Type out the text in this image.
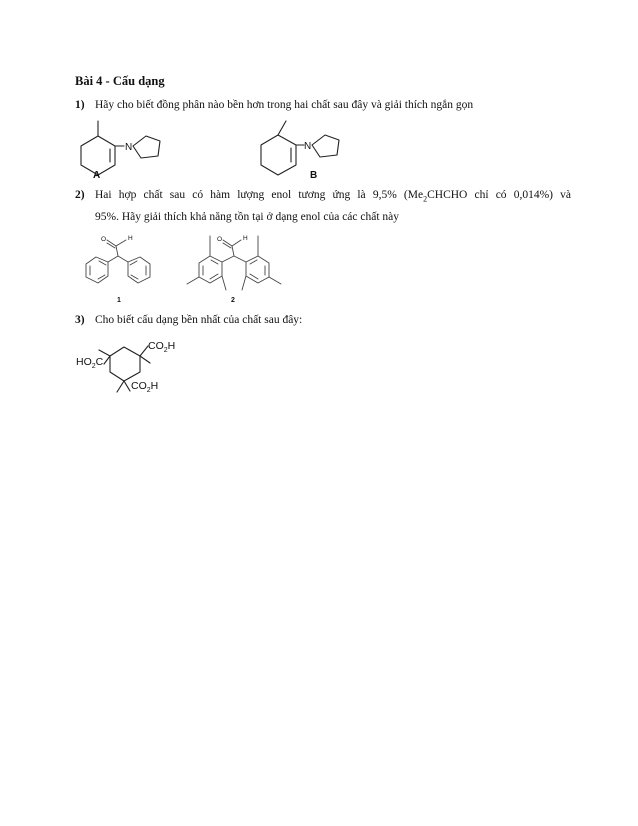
Bài 4 - Cấu dạng
1) Hãy cho biết đồng phân nào bền hơn trong hai chất sau đây và giải thích ngắn gọn
2) Hai hợp chất sau có hàm lượng enol tương ứng là 9,5% ($Me_2CHCHO$ chỉ có 0,014%) và
95%. Hãy giải thích khả năng tồn tại ở dạng enol của các chất này
3) Cho biết cấu dạng bền nhất của chất sau đây:
N
A
N
B
O	H
1
O	H
2
$CO_2H$
$HO_2C$
$CO_2H$
